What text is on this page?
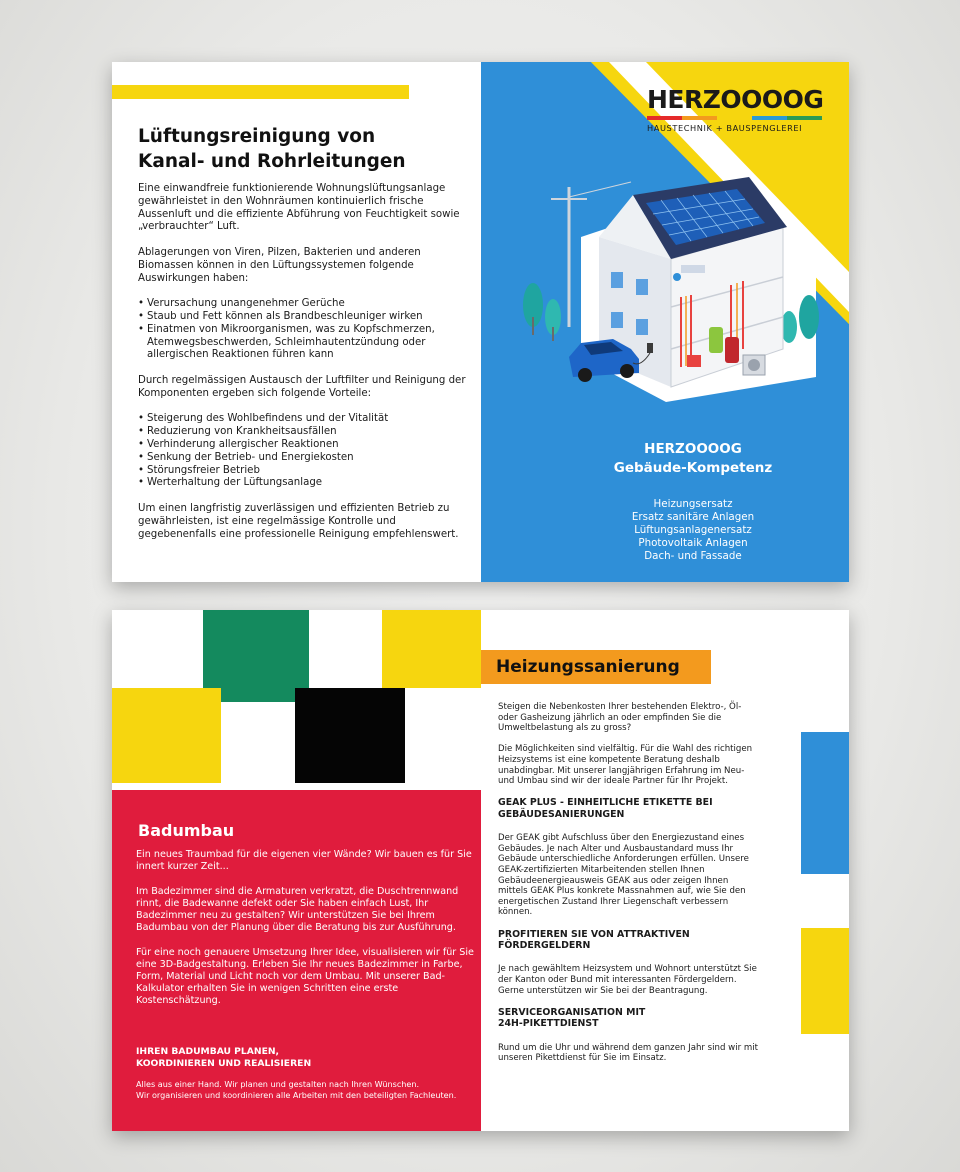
Lüftungsreinigung von
Kanal- und Rohrleitungen

Eine einwandfreie funktionierende Wohnungslüftungsanlage gewährleistet in den Wohnräumen kontinuierlich frische Aussenluft und die effiziente Abführung von Feuchtigkeit sowie „verbrauchter“ Luft.

Ablagerungen von Viren, Pilzen, Bakterien und anderen Biomassen können in den Lüftungssystemen folgende Auswirkungen haben:

• Verursachung unangenehmer Gerüche
• Staub und Fett können als Brandbeschleuniger wirken
• Einatmen von Mikroorganismen, was zu Kopfschmerzen, Atemwegsbeschwerden, Schleimhautentzündung oder allergischen Reaktionen führen kann

Durch regelmässigen Austausch der Luftfilter und Reinigung der Komponenten ergeben sich folgende Vorteile:

• Steigerung des Wohlbefindens und der Vitalität
• Reduzierung von Krankheitsausfällen
• Verhinderung allergischer Reaktionen
• Senkung der Betrieb- und Energiekosten
• Störungsfreier Betrieb
• Werterhaltung der Lüftungsanlage

Um einen langfristig zuverlässigen und effizienten Betrieb zu gewährleisten, ist eine regelmässige Kontrolle und gegebenenfalls eine professionelle Reinigung empfehlenswert.

HERZOOOOG
HAUSTECHNIK + BAUSPENGLEREI
HERZOOOOG
Gebäude-Kompetenz
Heizungsersatz
Ersatz sanitäre Anlagen
Lüftungsanlagenersatz
Photovoltaik Anlagen
Dach- und Fassade
Badumbau

Ein neues Traumbad für die eigenen vier Wände? Wir bauen es für Sie innert kurzer Zeit...

Im Badezimmer sind die Armaturen verkratzt, die Duschtrennwand rinnt, die Badewanne defekt oder Sie haben einfach Lust, Ihr Badezimmer neu zu gestalten? Wir unterstützen Sie bei Ihrem Badumbau von der Planung über die Beratung bis zur Ausführung.

Für eine noch genauere Umsetzung Ihrer Idee, visualisieren wir für Sie eine 3D-Badgestaltung. Erleben Sie Ihr neues Badezimmer in Farbe, Form, Material und Licht noch vor dem Umbau. Mit unserer Bad-Kalkulator erhalten Sie in wenigen Schritten eine erste Kostenschätzung.

IHREN BADUMBAU PLANEN,
KOORDINIEREN UND REALISIEREN
Alles aus einer Hand. Wir planen und gestalten nach Ihren Wünschen.
Wir organisieren und koordinieren alle Arbeiten mit den beteiligten Fachleuten.
Heizungssanierung

Steigen die Nebenkosten Ihrer bestehenden Elektro-, Öl- oder Gasheizung jährlich an oder empfinden Sie die Umweltbelastung als zu gross?

Die Möglichkeiten sind vielfältig. Für die Wahl des richtigen Heizsystems ist eine kompetente Beratung deshalb unabdingbar. Mit unserer langjährigen Erfahrung im Neu- und Umbau sind wir der ideale Partner für Ihr Projekt.

GEAK PLUS - EINHEITLICHE ETIKETTE BEI
GEBÄUDESANIERUNGEN

Der GEAK gibt Aufschluss über den Energiezustand eines Gebäudes. Je nach Alter und Ausbaustandard muss Ihr Gebäude unterschiedliche Anforderungen erfüllen. Unsere GEAK-zertifizierten Mitarbeitenden stellen Ihnen Gebäudeenergieausweis GEAK aus oder zeigen Ihnen mittels GEAK Plus konkrete Massnahmen auf, wie Sie den energetischen Zustand Ihrer Liegenschaft verbessern können.

PROFITIEREN SIE VON ATTRAKTIVEN
FÖRDERGELDERN

Je nach gewähltem Heizsystem und Wohnort unterstützt Sie der Kanton oder Bund mit interessanten Fördergeldern. Gerne unterstützen wir Sie bei der Beantragung.

SERVICEORGANISATION MIT
24H-PIKETTDIENST

Rund um die Uhr und während dem ganzen Jahr sind wir mit unseren Pikettdienst für Sie im Einsatz.
